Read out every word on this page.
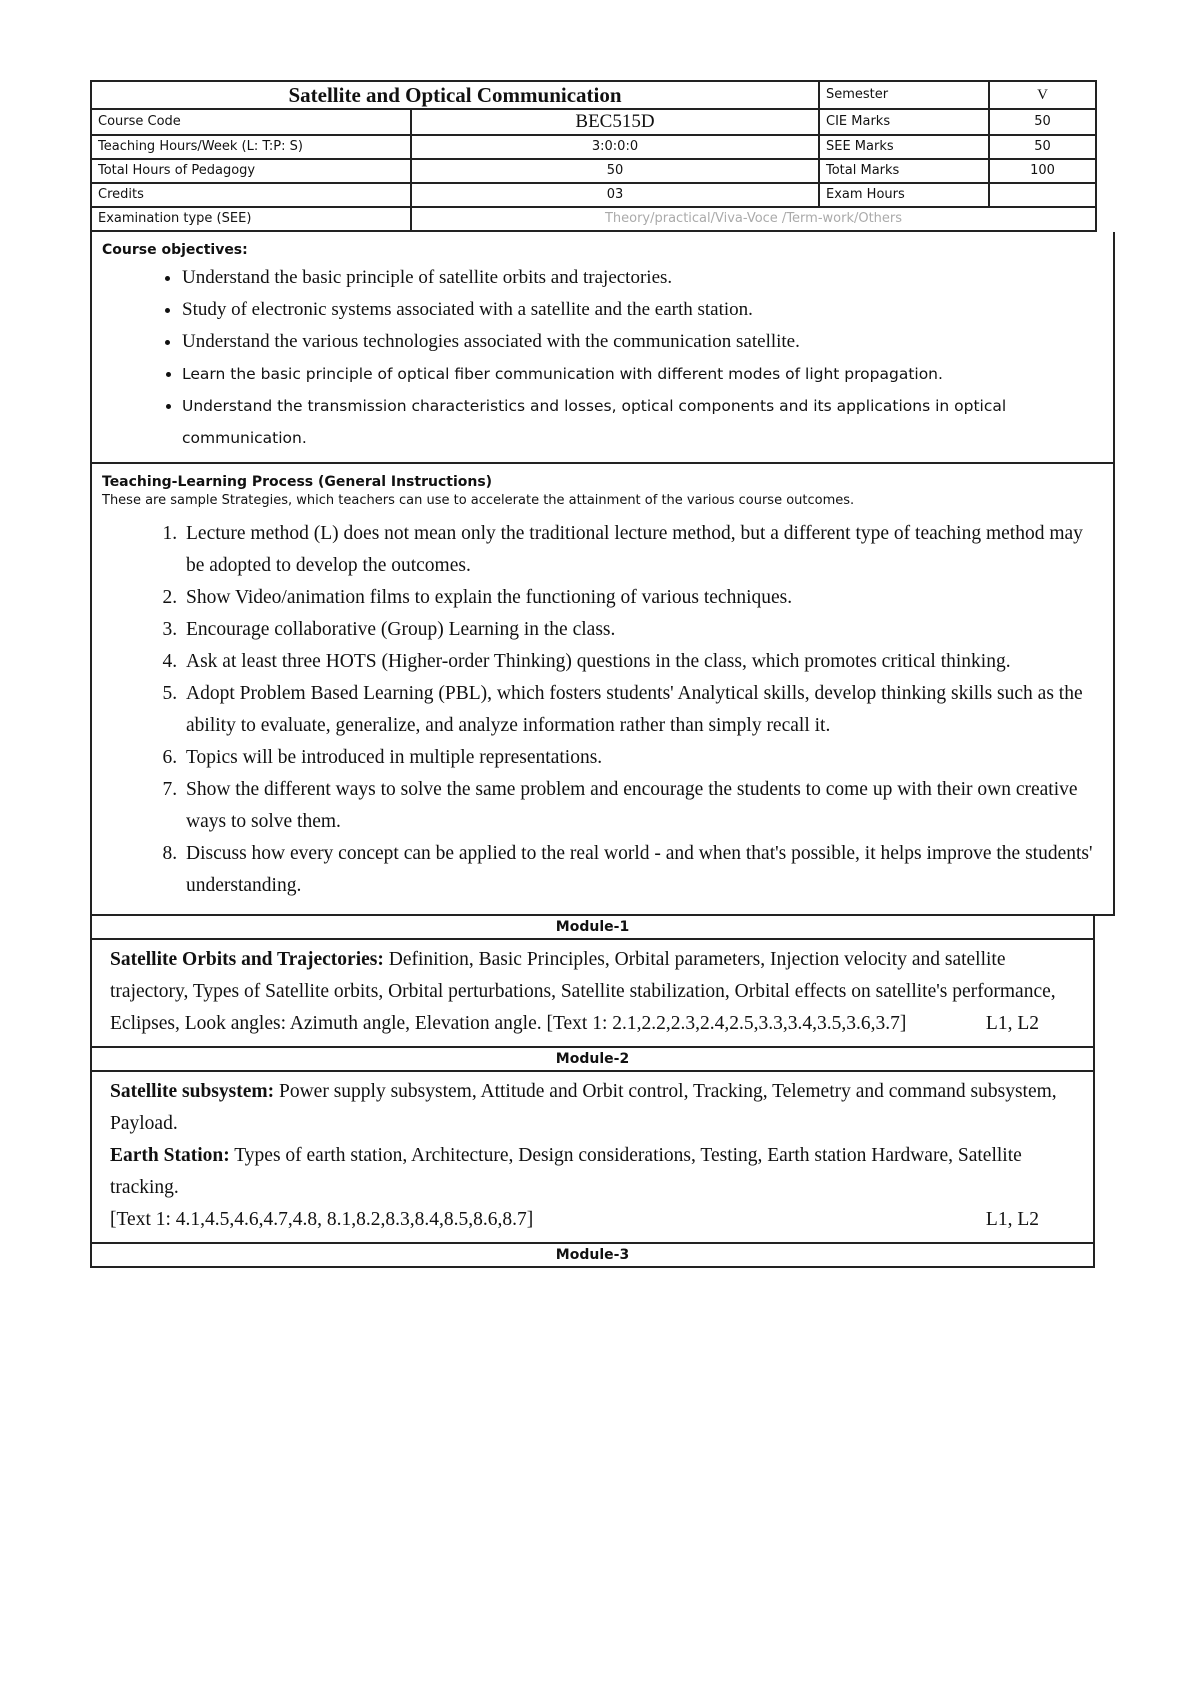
Satellite and Optical Communication		Semester	V
Course Code	BEC515D	CIE Marks	50
Teaching Hours/Week (L: T:P: S)	3:0:0:0	SEE Marks	50
Total Hours of Pedagogy	50	Total Marks	100
Credits	03	Exam Hours	
Examination type (SEE)	Theory/practical/Viva-Voce /Term-work/Others		
Course objectives:
• Understand the basic principle of satellite orbits and trajectories.
• Study of electronic systems associated with a satellite and the earth station.
• Understand the various technologies associated with the communication satellite.
• Learn the basic principle of optical fiber communication with different modes of light propagation.
• Understand the transmission characteristics and losses, optical components and its applications in optical communication.
Teaching-Learning Process (General Instructions)
These are sample Strategies, which teachers can use to accelerate the attainment of the various course outcomes.
1. Lecture method (L) does not mean only the traditional lecture method, but a different type of teaching method may be adopted to develop the outcomes.
2. Show Video/animation films to explain the functioning of various techniques.
3. Encourage collaborative (Group) Learning in the class.
4. Ask at least three HOTS (Higher-order Thinking) questions in the class, which promotes critical thinking.
5. Adopt Problem Based Learning (PBL), which fosters students' Analytical skills, develop thinking skills such as the ability to evaluate, generalize, and analyze information rather than simply recall it.
6. Topics will be introduced in multiple representations.
7. Show the different ways to solve the same problem and encourage the students to come up with their own creative ways to solve them.
8. Discuss how every concept can be applied to the real world - and when that's possible, it helps improve the students' understanding.
Module-1
Satellite Orbits and Trajectories: Definition, Basic Principles, Orbital parameters, Injection velocity and satellite trajectory, Types of Satellite orbits, Orbital perturbations, Satellite stabilization, Orbital effects on satellite's performance, Eclipses, Look angles: Azimuth angle, Elevation angle. [Text 1: 2.1,2.2,2.3,2.4,2.5,3.3,3.4,3.5,3.6,3.7]	L1, L2
Module-2
Satellite subsystem: Power supply subsystem, Attitude and Orbit control, Tracking, Telemetry and command subsystem, Payload.
Earth Station: Types of earth station, Architecture, Design considerations, Testing, Earth station Hardware, Satellite tracking.
[Text 1: 4.1,4.5,4.6,4.7,4.8, 8.1,8.2,8.3,8.4,8.5,8.6,8.7]	L1, L2
Module-3
